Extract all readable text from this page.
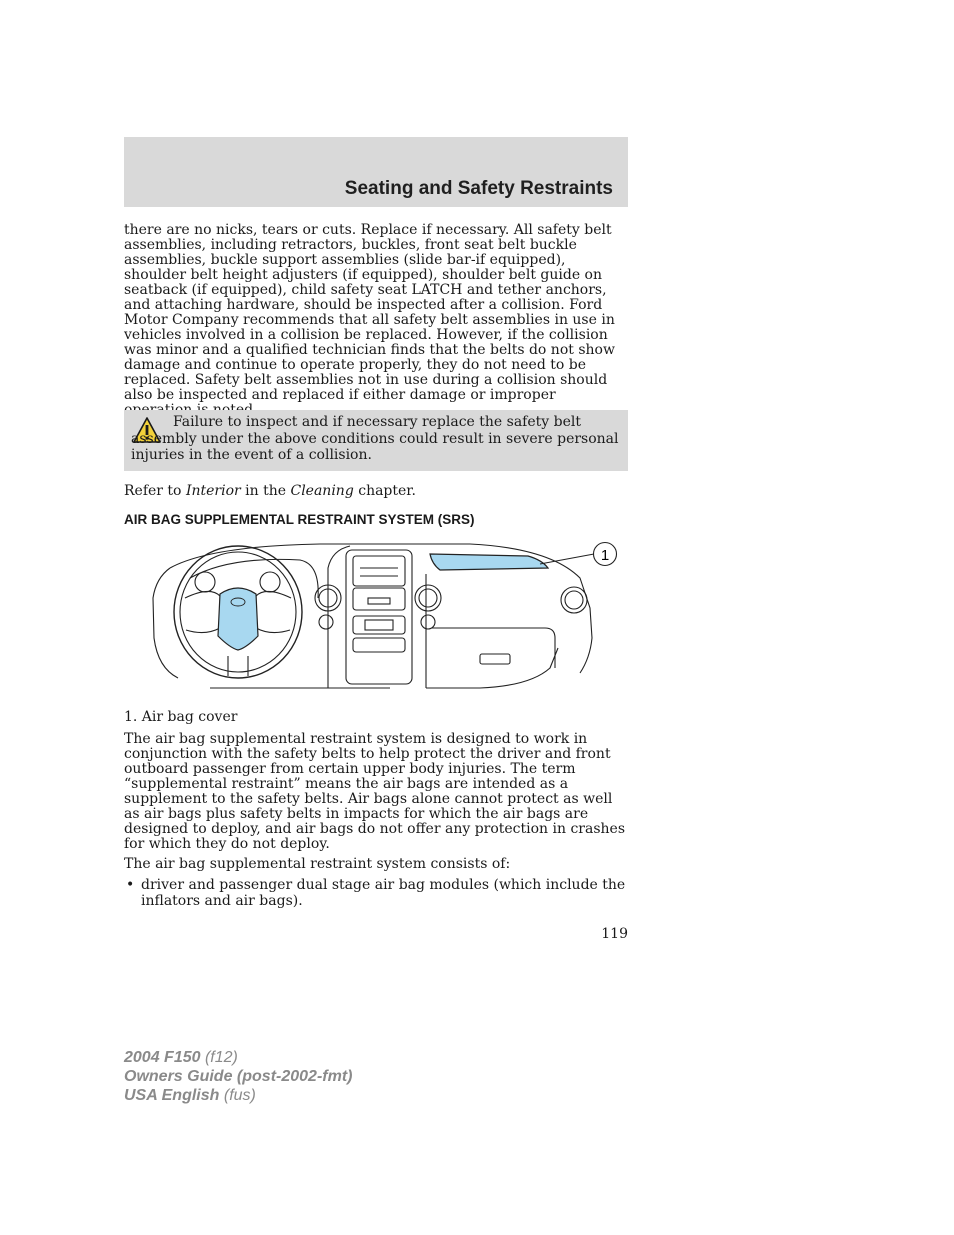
Seating and Safety Restraints

there are no nicks, tears or cuts. Replace if necessary. All safety belt assemblies, including retractors, buckles, front seat belt buckle assemblies, buckle support assemblies (slide bar-if equipped), shoulder belt height adjusters (if equipped), shoulder belt guide on seatback (if equipped), child safety seat LATCH and tether anchors, and attaching hardware, should be inspected after a collision. Ford Motor Company recommends that all safety belt assemblies in use in vehicles involved in a collision be replaced. However, if the collision was minor and a qualified technician finds that the belts do not show damage and continue to operate properly, they do not need to be replaced. Safety belt assemblies not in use during a collision should also be inspected and replaced if either damage or improper

Failure to inspect and if necessary replace the safety belt assembly under the above conditions could result in severe personal injuries in the event of a collision.

Refer to Interior in the Cleaning chapter.

AIR BAG SUPPLEMENTAL RESTRAINT SYSTEM (SRS)
1

1. Air bag cover

The air bag supplemental restraint system is designed to work in conjunction with the safety belts to help protect the driver and front outboard passenger from certain upper body injuries. The term “supplemental restraint” means the air bags are intended as a supplement to the safety belts. Air bags alone cannot protect as well as air bags plus safety belts in impacts for which the air bags are designed to deploy, and air bags do not offer any protection in crashes for which they do not deploy.

The air bag supplemental restraint system consists of:

• driver and passenger dual stage air bag modules (which include the inflators and air bags).

119
2004 F150 (f12)
Owners Guide (post-2002-fmt)
USA English (fus)
